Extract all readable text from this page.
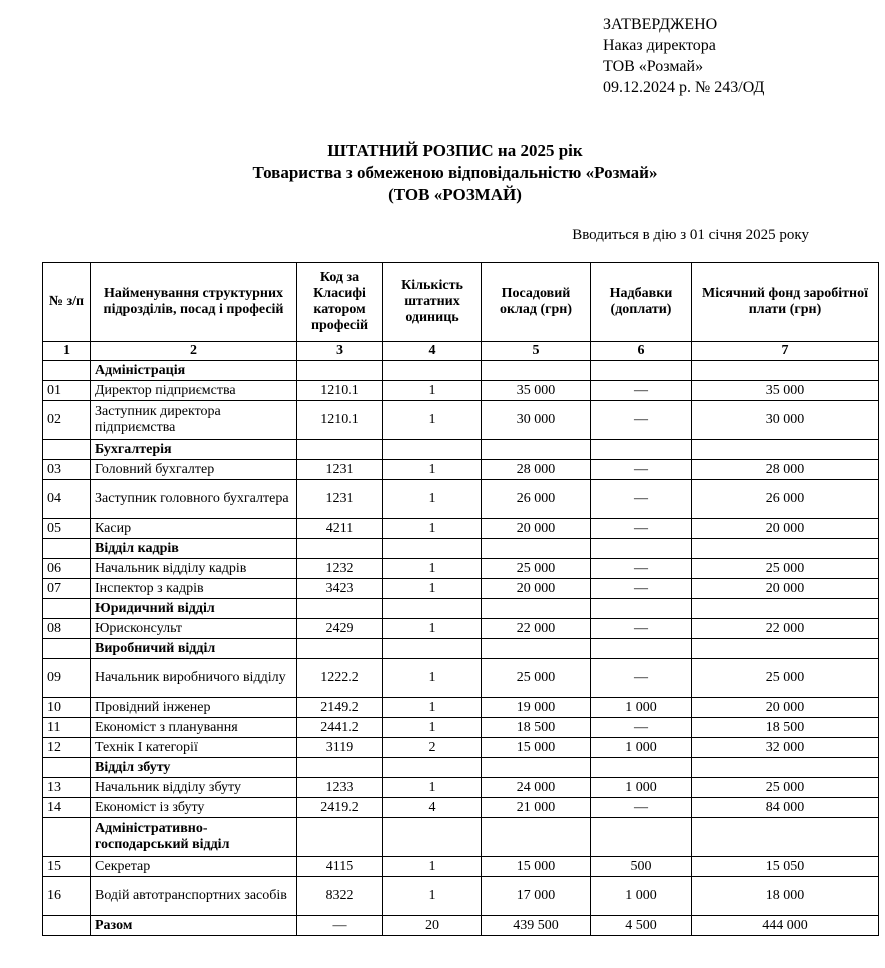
ЗАТВЕРДЖЕНО
Наказ директора
ТОВ «Розмай»
09.12.2024 р. № 243/ОД
ШТАТНИЙ РОЗПИС на 2025 рік
Товариства з обмеженою відповідальністю «Розмай»
(ТОВ «РОЗМАЙ)
Вводиться в дію з 01 січня 2025 року
№ з/п	Найменування структурних підрозділів, посад і професій	Код за Класифі катором професій	Кількість штатних одиниць	Посадовий оклад (грн)	Надбавки (доплати)	Місячний фонд заробітної плати (грн)
1	2	3	4	5	6	7
	Адміністрація					
01	Директор підприємства	1210.1	1	35 000	—	35 000
02	Заступник директора підприємства	1210.1	1	30 000	—	30 000
	Бухгалтерія					
03	Головний бухгалтер	1231	1	28 000	—	28 000
04	Заступник головного бухгалтера	1231	1	26 000	—	26 000
05	Касир	4211	1	20 000	—	20 000
	Відділ кадрів					
06	Начальник відділу кадрів	1232	1	25 000	—	25 000
07	Інспектор з кадрів	3423	1	20 000	—	20 000
	Юридичний відділ					
08	Юрисконсульт	2429	1	22 000	—	22 000
	Виробничий відділ					
09	Начальник виробничого відділу	1222.2	1	25 000	—	25 000
10	Провідний інженер	2149.2	1	19 000	1 000	20 000
11	Економіст з планування	2441.2	1	18 500	—	18 500
12	Технік І категорії	3119	2	15 000	1 000	32 000
	Відділ збуту					
13	Начальник відділу збуту	1233	1	24 000	1 000	25 000
14	Економіст із збуту	2419.2	4	21 000	—	84 000
	Адміністративно-господарський відділ					
15	Секретар	4115	1	15 000	500	15 050
16	Водій автотранспортних засобів	8322	1	17 000	1 000	18 000
	Разом	—	20	439 500	4 500	444 000
